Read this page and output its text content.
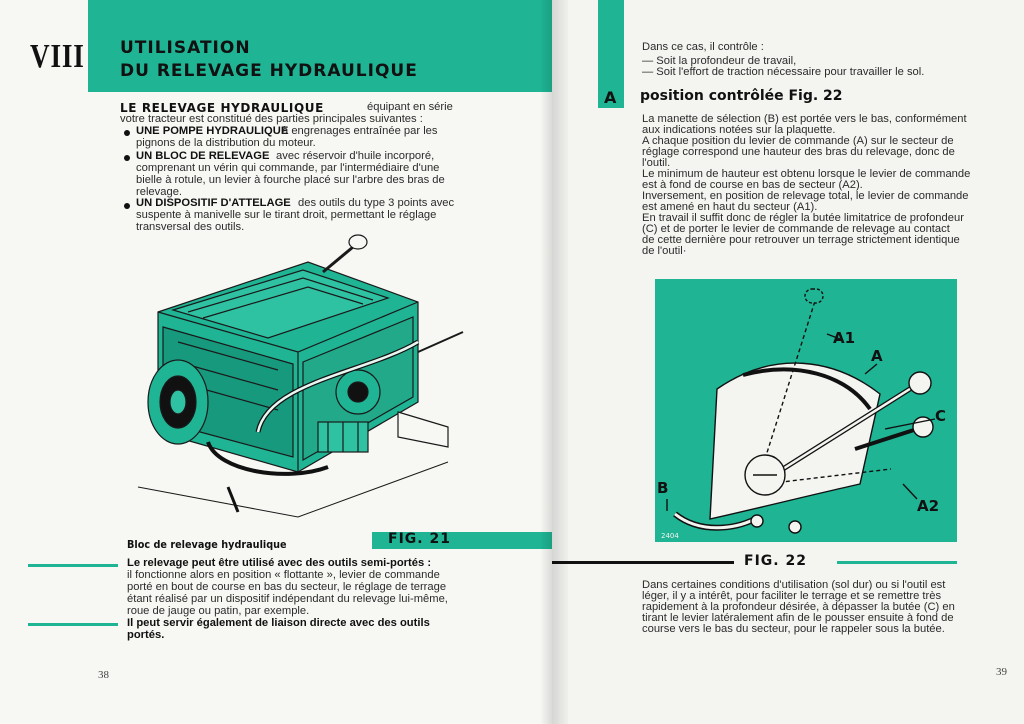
VIII UTILISATION
DU RELEVAGE HYDRAULIQUE
LE RELEVAGE HYDRAULIQUE	équipant en série
votre tracteur est constitué des parties principales suivantes :
UNE POMPE HYDRAULIQUE
à engrenages entraînée par les
pignons de la distribution du moteur.
UN BLOC DE RELEVAGE avec réservoir d'huile incorporé,
comprenant un vérin qui commande, par l'intermédiaire d'une
bielle à rotule, un levier à fourche placé sur l'arbre des bras de
relevage.
UN DISPOSITIF D'ATTELAGE des outils du type 3 points avec
suspente à manivelle sur le tirant droit, permettant le réglage
transversal des outils.
Bloc de relevage hydraulique	FIG. 21
Le relevage peut être utilisé avec des outils semi-portés :
il fonctionne alors en position « flottante », levier de commande
porté en bout de course en bas du secteur, le réglage de terrage
étant réalisé par un dispositif indépendant du relevage lui-même,
roue de jauge ou patin, par exemple.
Il peut servir également de liaison directe avec des outils
portés.
38
Dans ce cas, il contrôle :
— Soit la profondeur de travail,
— Soit l'effort de traction nécessaire pour travailler le sol.
A position contrôlée Fig. 22
La manette de sélection (B) est portée vers le bas, conformément
aux indications notées sur la plaquette.
A chaque position du levier de commande (A) sur le secteur de
réglage correspond une hauteur des bras du relevage, donc de
l'outil.
Le minimum de hauteur est obtenu lorsque le levier de commande
est à fond de course en bas de secteur (A2).
Inversement, en position de relevage total, le levier de commande
est amené en haut du secteur (A1).
En travail il suffit donc de régler la butée limitatrice de profondeur
(C) et de porter le levier de commande de relevage au contact
de cette dernière pour retrouver un terrage strictement identique
de l'outil·
A1
A
C
B
A2
2404
FIG. 22
Dans certaines conditions d'utilisation (sol dur) ou si l'outil est
léger, il y a intérêt, pour faciliter le terrage et se remettre très
rapidement à la profondeur désirée, à dépasser la butée (C) en
tirant le levier latéralement afin de le pousser ensuite à fond de
course vers le bas du secteur, pour le rappeler sous la butée.
39
